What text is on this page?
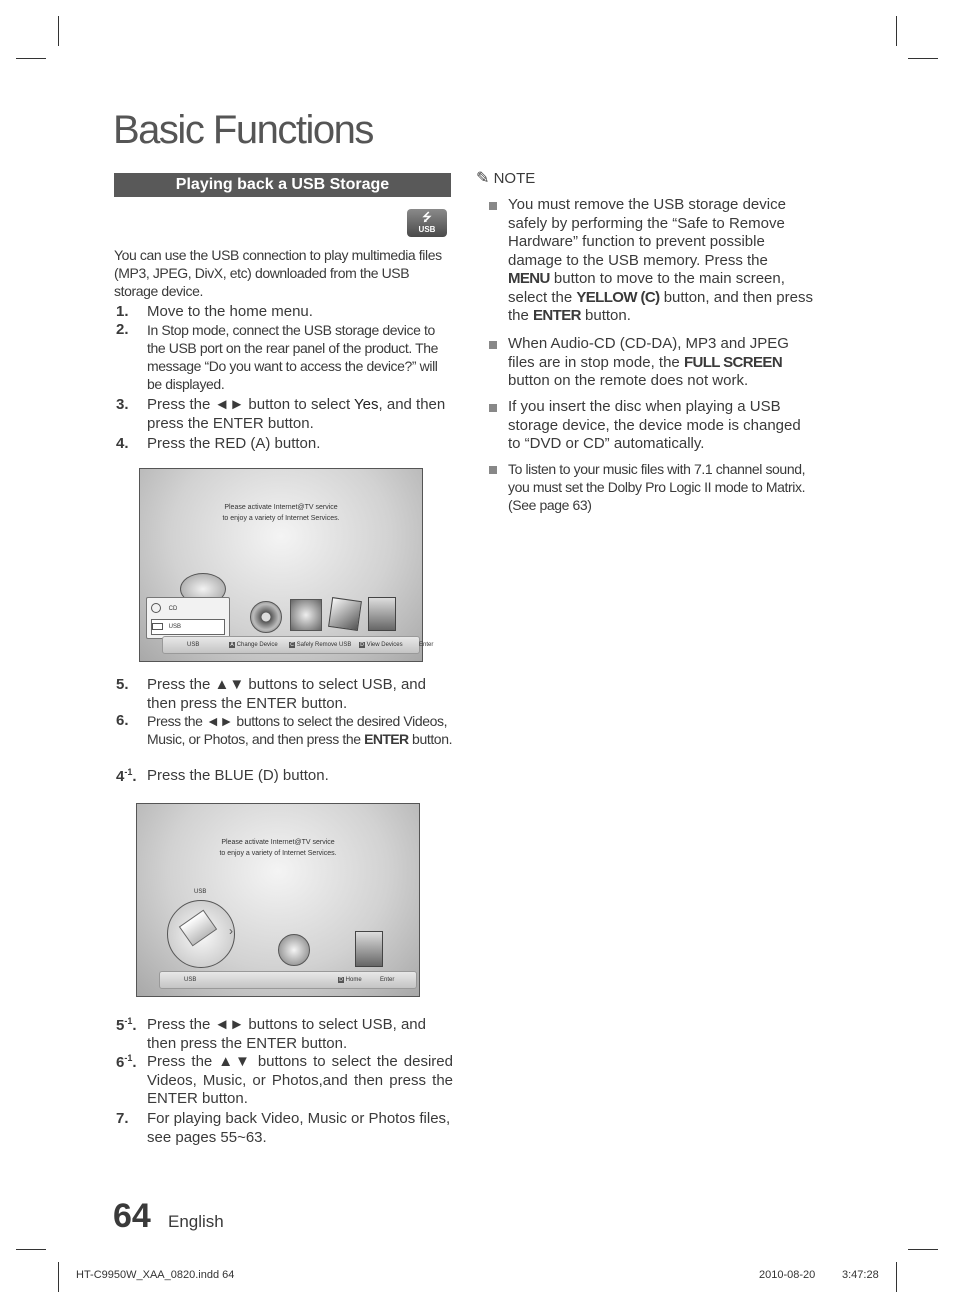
Basic Functions
Playing back a USB Storage
⭍
USB
You can use the USB connection to play multimedia files (MP3, JPEG, DivX, etc) downloaded from the USB storage device.
1. Move to the home menu.
2. In Stop mode, connect the USB storage device to the USB port on the rear panel of the product. The message “Do you want to access the device?” will be displayed.
3. Press the ◄► button to select Yes, and then press the ENTER button.
4. Press the RED (A) button.
Please activate Internet@TV service
to enjoy a variety of Internet Services.
CD
USB
USB	A Change Device C Safely Remove USB D View Devices	Enter
5. Press the ▲▼ buttons to select USB, and then press the ENTER button.
6. Press the ◄► buttons to select the desired Videos, Music, or Photos, and then press the ENTER button.
$4^{-1}$. Press the BLUE (D) button.
Please activate Internet@TV service
to enjoy a variety of Internet Services.
USB
›
USB	D Home	Enter
$5^{-1}$. Press the ◄► buttons to select USB, and then press the ENTER button.
$6^{-1}$. Press the ▲▼ buttons to select the desired Videos, Music, or Photos,and then press the ENTER button.
7. For playing back Video, Music or Photos files, see pages 55~63.
✎ NOTE
You must remove the USB storage device safely by performing the “Safe to Remove Hardware” function to prevent possible damage to the USB memory. Press the MENU button to move to the main screen, select the YELLOW (C) button, and then press the ENTER button.
When Audio-CD (CD-DA), MP3 and JPEG files are in stop mode, the FULL SCREEN button on the remote does not work.
If you insert the disc when playing a USB storage device, the device mode is changed to “DVD or CD” automatically.
To listen to your music files with 7.1 channel sound, you must set the Dolby Pro Logic II mode to Matrix. (See page 63)
64 English
HT-C9950W_XAA_0820.indd 64	2010-08-20 3:47:28
